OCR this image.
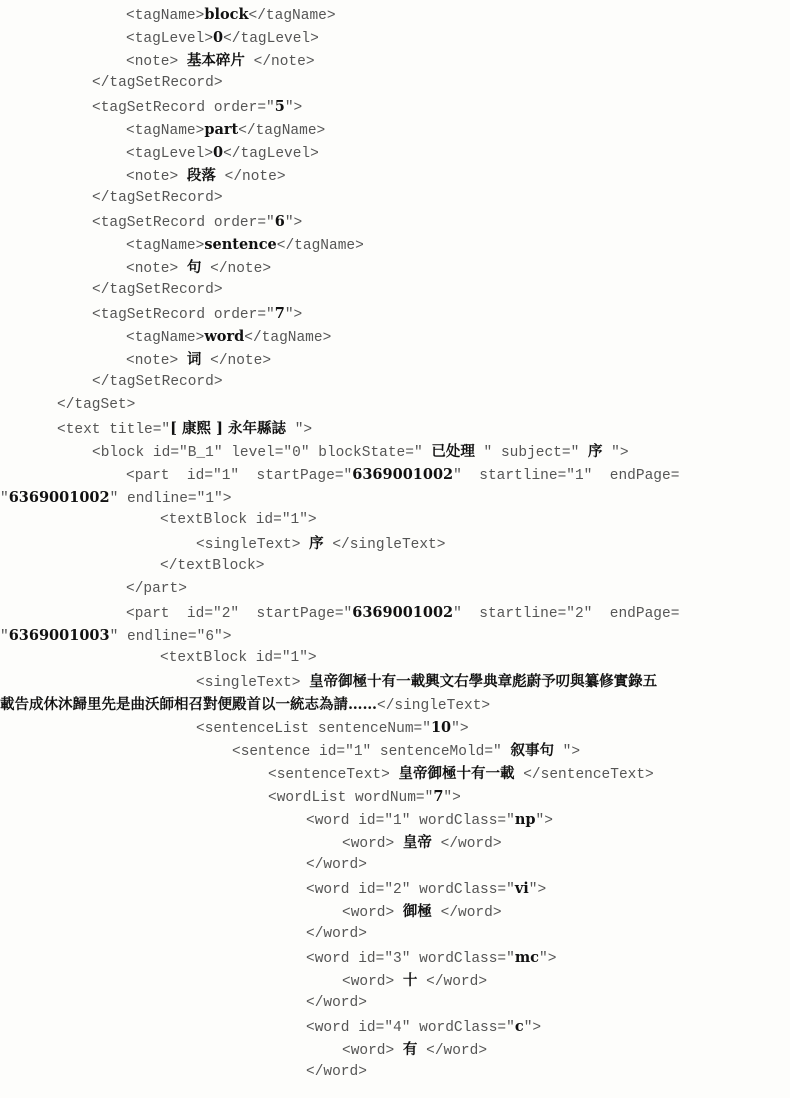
<tagName>block</tagName>
<tagLevel>0</tagLevel>
<note> 基本碎片 </note>
</tagSetRecord>
<tagSetRecord order="5">
<tagName>part</tagName>
<tagLevel>0</tagLevel>
<note> 段落 </note>
</tagSetRecord>
<tagSetRecord order="6">
<tagName>sentence</tagName>
<note> 句 </note>
</tagSetRecord>
<tagSetRecord order="7">
<tagName>word</tagName>
<note> 词 </note>
</tagSetRecord>
</tagSet>
<text title="[ 康熙 ] 永年縣誌 ">
<block id="B_1" level="0" blockState=" 已处理 " subject=" 序 ">
<part  id="1"  startPage="6369001002"  startline="1"  endPage=
"6369001002" endline="1">
<textBlock id="1">
<singleText> 序 </singleText>
</textBlock>
</part>
<part  id="2"  startPage="6369001002"  startline="2"  endPage=
"6369001003" endline="6">
<textBlock id="1">
<singleText> 皇帝御極十有一載興文右學典章彪蔚予叨與纂修實錄五
載告成休沐歸里先是曲沃師相召對便殿首以一統志為請……</singleText>
<sentenceList sentenceNum="10">
<sentence id="1" sentenceMold=" 叙事句 ">
<sentenceText> 皇帝御極十有一載 </sentenceText>
<wordList wordNum="7">
<word id="1" wordClass="np">
<word> 皇帝 </word>
</word>
<word id="2" wordClass="vi">
<word> 御極 </word>
</word>
<word id="3" wordClass="mc">
<word> 十 </word>
</word>
<word id="4" wordClass="c">
<word> 有 </word>
</word>
